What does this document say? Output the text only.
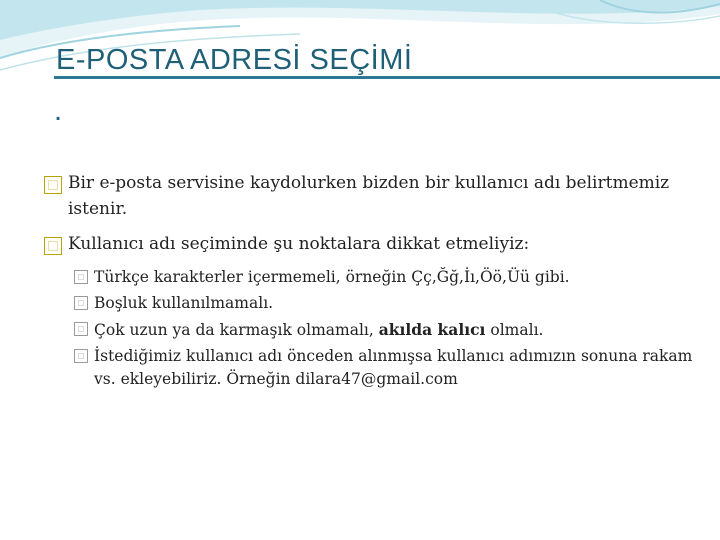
E-POSTA ADRESİ SEÇİMİ
.
Bir e-posta servisine kaydolurken bizden bir kullanıcı adı belirtmemiz istenir.
Kullanıcı adı seçiminde şu noktalara dikkat etmeliyiz:
Türkçe karakterler içermemeli, örneğin Çç,Ğğ,İı,Öö,Üü gibi.
Boşluk kullanılmamalı.
Çok uzun ya da karmaşık olmamalı, akılda kalıcı olmalı.
İstediğimiz kullanıcı adı önceden alınmışsa kullanıcı adımızın sonuna rakam vs. ekleyebiliriz. Örneğin dilara47@gmail.com
